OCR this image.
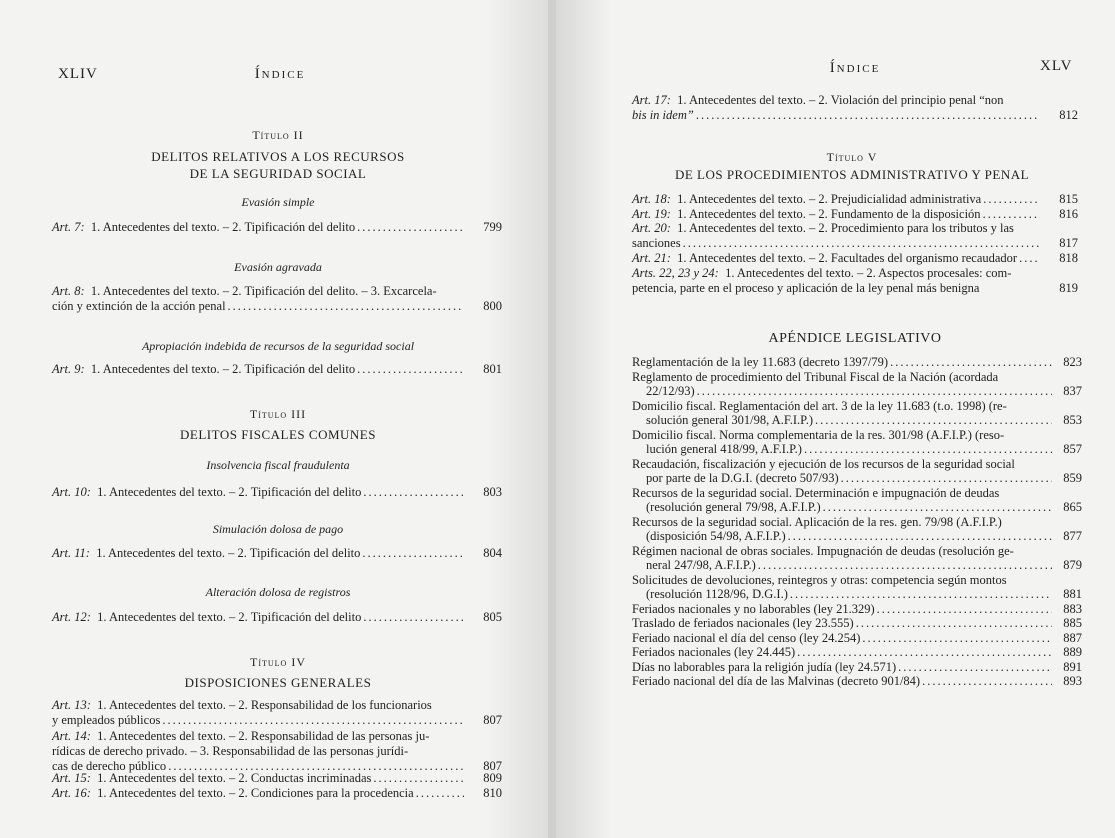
XLIV	Índice
Título II
DELITOS RELATIVOS A LOS RECURSOS
DE LA SEGURIDAD SOCIAL
Evasión simple
Art. 7: 1. Antecedentes del texto. – 2. Tipificación del delito .....	799
Evasión agravada
Art. 8: 1. Antecedentes del texto. – 2. Tipificación del delito. – 3. Excarcela-
ción y extinción de la acción penal .....	800
Apropiación indebida de recursos de la seguridad social
Art. 9: 1. Antecedentes del texto. – 2. Tipificación del delito .....	801
Título III
DELITOS FISCALES COMUNES
Insolvencia fiscal fraudulenta
Art. 10: 1. Antecedentes del texto. – 2. Tipificación del delito .....	803
Simulación dolosa de pago
Art. 11: 1. Antecedentes del texto. – 2. Tipificación del delito .....	804
Alteración dolosa de registros
Art. 12: 1. Antecedentes del texto. – 2. Tipificación del delito .....	805
Título IV
DISPOSICIONES GENERALES
Art. 13: 1. Antecedentes del texto. – 2. Responsabilidad de los funcionarios
y empleados públicos .....	807
Art. 14: 1. Antecedentes del texto. – 2. Responsabilidad de las personas ju-
rídicas de derecho privado. – 3. Responsabilidad de las personas jurídi-
cas de derecho público .....	807
Art. 15: 1. Antecedentes del texto. – 2. Conductas incriminadas .....	809
Art. 16: 1. Antecedentes del texto. – 2. Condiciones para la procedencia .....	810
Índice	XLV
Art. 17: 1. Antecedentes del texto. – 2. Violación del principio penal “non
bis in idem” .....	812
Título V
DE LOS PROCEDIMIENTOS ADMINISTRATIVO Y PENAL
Art. 18: 1. Antecedentes del texto. – 2. Prejudicialidad administrativa .....	815
Art. 19: 1. Antecedentes del texto. – 2. Fundamento de la disposición .....	816
Art. 20: 1. Antecedentes del texto. – 2. Procedimiento para los tributos y las
sanciones .....	817
Art. 21: 1. Antecedentes del texto. – 2. Facultades del organismo recaudador .....	818
Arts. 22, 23 y 24: 1. Antecedentes del texto. – 2. Aspectos procesales: com-
petencia, parte en el proceso y aplicación de la ley penal más benigna	819
APÉNDICE LEGISLATIVO
Reglamentación de la ley 11.683 (decreto 1397/79) .....	823
Reglamento de procedimiento del Tribunal Fiscal de la Nación (acordada
22/12/93) .....	837
Domicilio fiscal. Reglamentación del art. 3 de la ley 11.683 (t.o. 1998) (re-
solución general 301/98, A.F.I.P.) .....	853
Domicilio fiscal. Norma complementaria de la res. 301/98 (A.F.I.P.) (reso-
lución general 418/99, A.F.I.P.) .....	857
Recaudación, fiscalización y ejecución de los recursos de la seguridad social
por parte de la D.G.I. (decreto 507/93) .....	859
Recursos de la seguridad social. Determinación e impugnación de deudas
(resolución general 79/98, A.F.I.P.) .....	865
Recursos de la seguridad social. Aplicación de la res. gen. 79/98 (A.F.I.P.)
(disposición 54/98, A.F.I.P.) .....	877
Régimen nacional de obras sociales. Impugnación de deudas (resolución ge-
neral 247/98, A.F.I.P.) .....	879
Solicitudes de devoluciones, reintegros y otras: competencia según montos
(resolución 1128/96, D.G.I.) .....	881
Feriados nacionales y no laborables (ley 21.329) .....	883
Traslado de feriados nacionales (ley 23.555) .....	885
Feriado nacional el día del censo (ley 24.254) .....	887
Feriados nacionales (ley 24.445) .....	889
Días no laborables para la religión judía (ley 24.571) .....	891
Feriado nacional del día de las Malvinas (decreto 901/84) .....	893
